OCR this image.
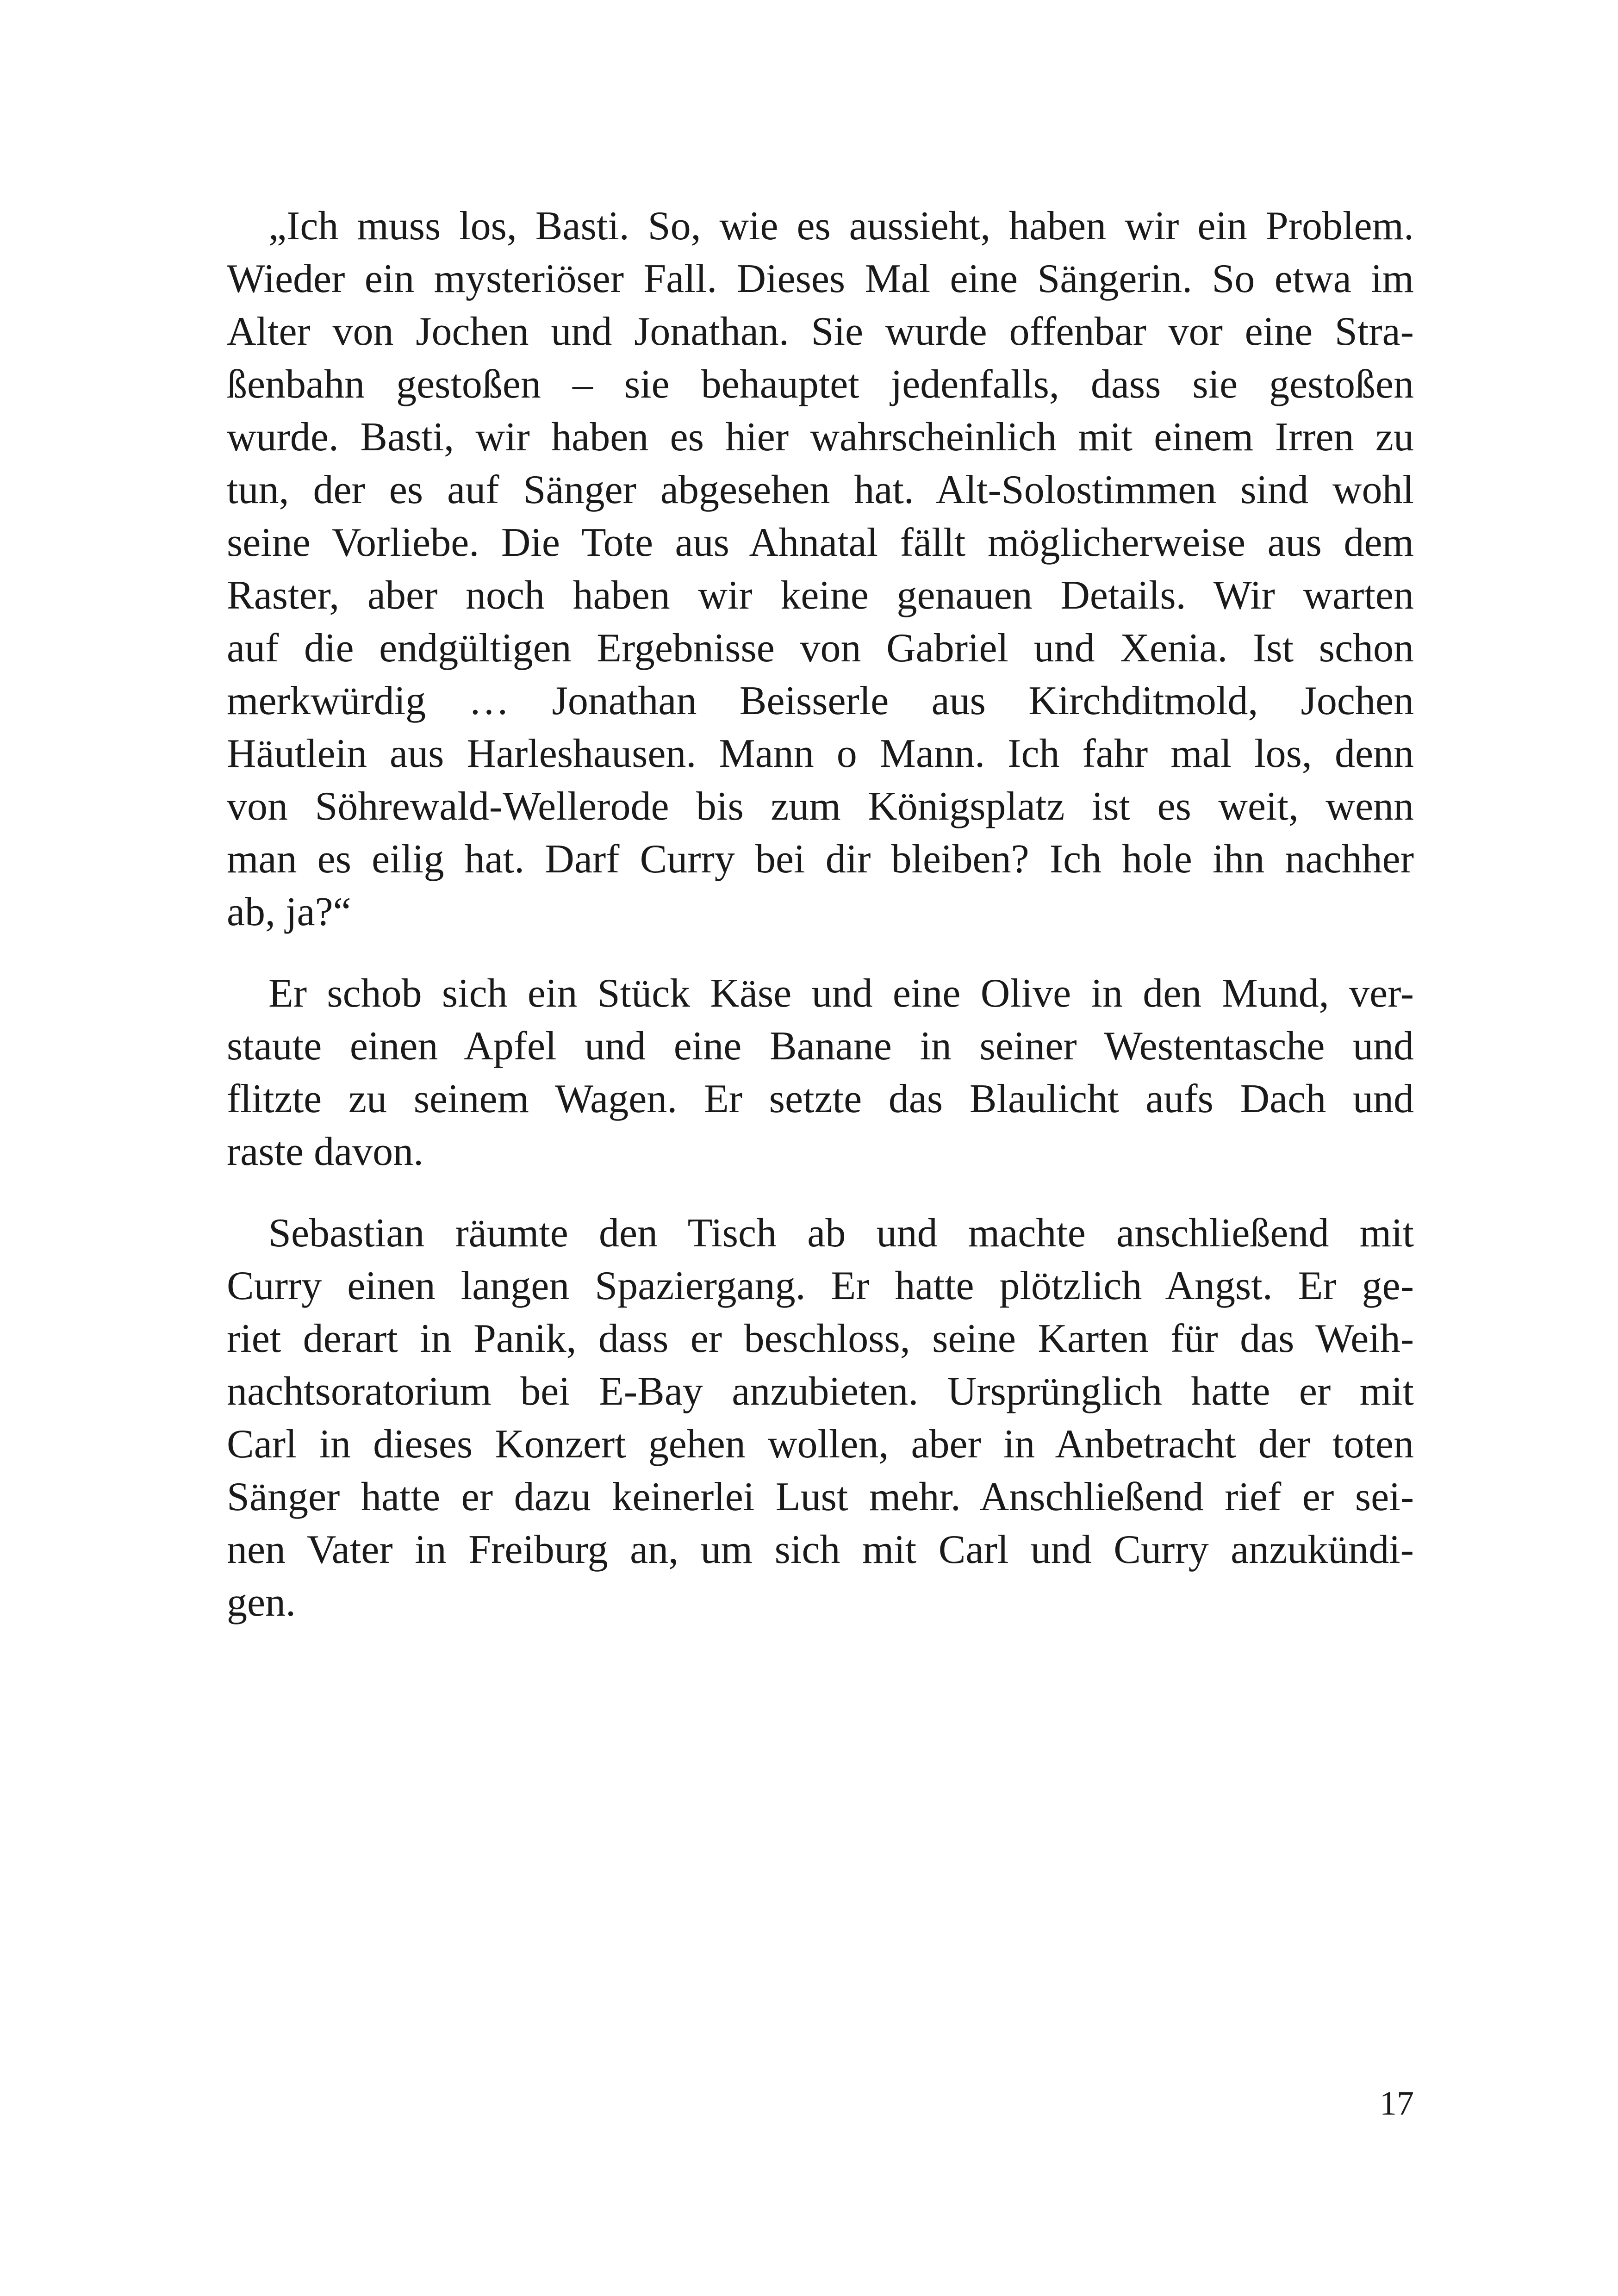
„Ich muss los, Basti. So, wie es aussieht, haben wir ein Problem.
Wieder ein mysteriöser Fall. Dieses Mal eine Sängerin. So etwa im
Alter von Jochen und Jonathan. Sie wurde offenbar vor eine Stra-
ßenbahn gestoßen – sie behauptet jedenfalls, dass sie gestoßen
wurde. Basti, wir haben es hier wahrscheinlich mit einem Irren zu
tun, der es auf Sänger abgesehen hat. Alt-Solostimmen sind wohl
seine Vorliebe. Die Tote aus Ahnatal fällt möglicherweise aus dem
Raster, aber noch haben wir keine genauen Details. Wir warten
auf die endgültigen Ergebnisse von Gabriel und Xenia. Ist schon
merkwürdig … Jonathan Beisserle aus Kirchditmold, Jochen
Häutlein aus Harleshausen. Mann o Mann. Ich fahr mal los, denn
von Söhrewald-Wellerode bis zum Königsplatz ist es weit, wenn
man es eilig hat. Darf Curry bei dir bleiben? Ich hole ihn nachher
ab, ja?“

Er schob sich ein Stück Käse und eine Olive in den Mund, ver-
staute einen Apfel und eine Banane in seiner Westentasche und
flitzte zu seinem Wagen. Er setzte das Blaulicht aufs Dach und
raste davon.

Sebastian räumte den Tisch ab und machte anschließend mit
Curry einen langen Spaziergang. Er hatte plötzlich Angst. Er ge-
riet derart in Panik, dass er beschloss, seine Karten für das Weih-
nachtsoratorium bei E-Bay anzubieten. Ursprünglich hatte er mit
Carl in dieses Konzert gehen wollen, aber in Anbetracht der toten
Sänger hatte er dazu keinerlei Lust mehr. Anschließend rief er sei-
nen Vater in Freiburg an, um sich mit Carl und Curry anzukündi-
gen.

17
